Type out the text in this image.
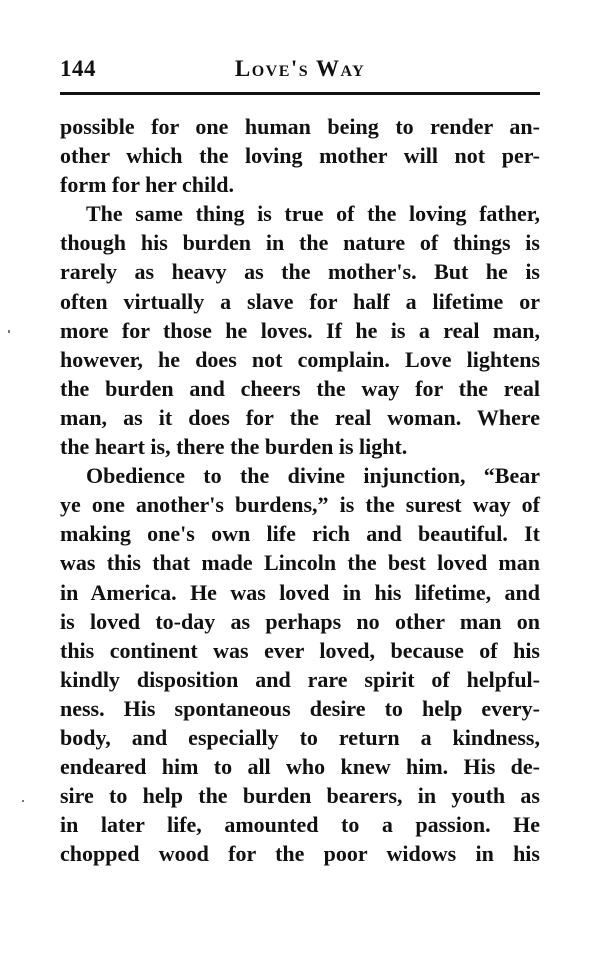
144	Love's Way
possible for one human being to render an-
other which the loving mother will not per-
form for her child.
The same thing is true of the loving father,
though his burden in the nature of things is
rarely as heavy as the mother's. But he is
often virtually a slave for half a lifetime or
more for those he loves. If he is a real man,
however, he does not complain. Love lightens
the burden and cheers the way for the real
man, as it does for the real woman. Where
the heart is, there the burden is light.
Obedience to the divine injunction, “Bear
ye one another's burdens,” is the surest way of
making one's own life rich and beautiful. It
was this that made Lincoln the best loved man
in America. He was loved in his lifetime, and
is loved to-day as perhaps no other man on
this continent was ever loved, because of his
kindly disposition and rare spirit of helpful-
ness. His spontaneous desire to help every-
body, and especially to return a kindness,
endeared him to all who knew him. His de-
sire to help the burden bearers, in youth as
in later life, amounted to a passion. He
chopped wood for the poor widows in his
